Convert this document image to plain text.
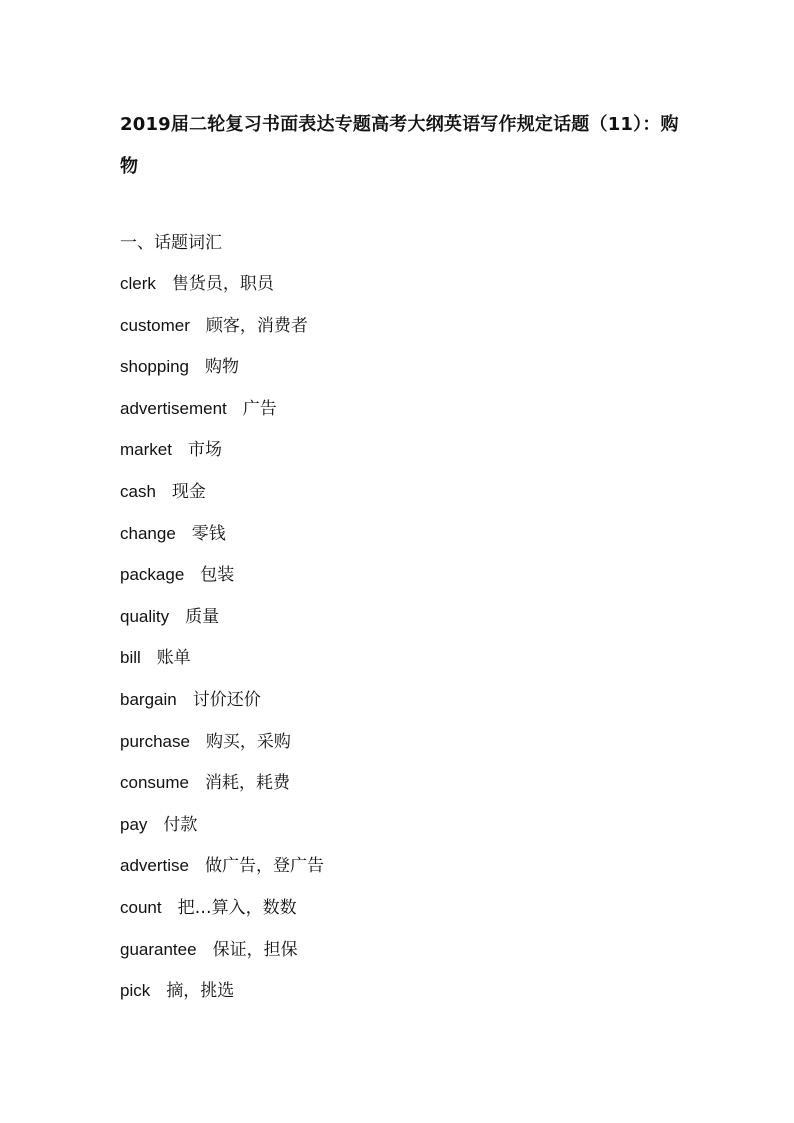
2019届二轮复习书面表达专题高考大纲英语写作规定话题（11）：购物
一、话题词汇
clerk 售货员，职员
customer 顾客，消费者
shopping 购物
advertisement 广告
market 市场
cash 现金
change 零钱
package 包装
quality 质量
bill 账单
bargain 讨价还价
purchase 购买，采购
consume 消耗，耗费
pay 付款
advertise 做广告，登广告
count 把…算入，数数
guarantee 保证，担保
pick 摘，挑选
